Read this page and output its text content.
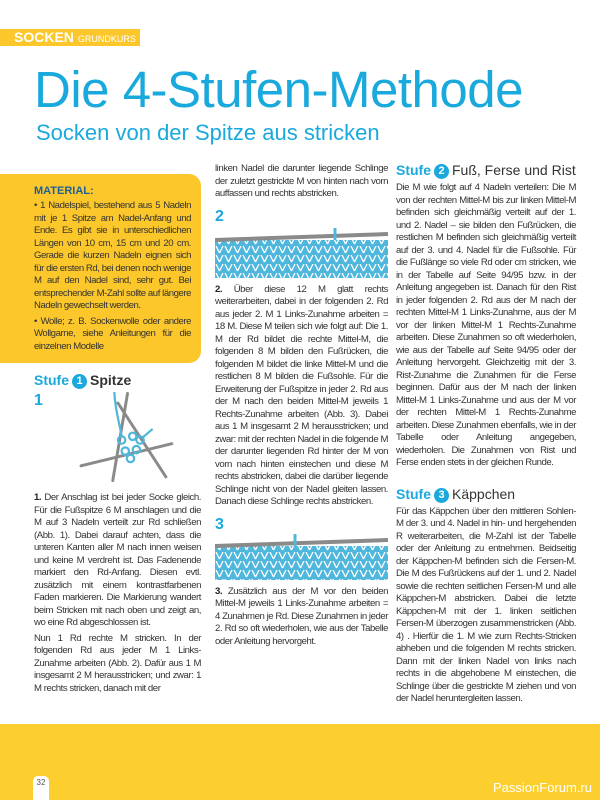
SOCKEN GRUNDKURS
Die 4-Stufen-Methode
Socken von der Spitze aus stricken
MATERIAL:

• 1 Nadelspiel, bestehend aus 5 Nadeln mit je 1 Spitze am Nadel-Anfang und Ende. Es gibt sie in unterschiedlichen Längen von 10 cm, 15 cm und 20 cm. Gerade die kurzen Nadeln eignen sich für die ersten Rd, bei denen noch wenige M auf den Nadel sind, sehr gut. Bei entsprechender M-Zahl sollte auf längere Nadeln gewechselt werden.

• Wolle; z. B. Sockenwolle oder andere Wollgarne, siehe Anleitungen für die einzelnen Modelle

Stufe 1 Spitze
1

1. Der Anschlag ist bei jeder Socke gleich. Für die Fußspitze 6 M anschlagen und die M auf 3 Nadeln verteilt zur Rd schließen (Abb. 1). Dabei darauf achten, dass die unteren Kanten aller M nach innen weisen und keine M verdreht ist. Das Fadenende markiert den Rd-Anfang. Diesen evtl. zusätzlich mit einem kontrastfarbenen Faden markieren. Die Markierung wandert beim Stricken mit nach oben und zeigt an, wo eine Rd abgeschlossen ist.

Nun 1 Rd rechte M stricken. In der folgenden Rd aus jeder M 1 Links-Zunahme arbeiten (Abb. 2). Dafür aus 1 M insgesamt 2 M herausstricken; und zwar: 1 M rechts stricken, danach mit der

linken Nadel die darunter liegende Schlinge der zuletzt gestrickte M von hinten nach vorn auffassen und rechts abstricken.

2

2. Über diese 12 M glatt rechts weiterarbeiten, dabei in der folgenden 2. Rd aus jeder 2. M 1 Links-Zunahme arbeiten = 18 M. Diese M teilen sich wie folgt auf: Die 1. M der Rd bildet die rechte Mittel-M, die folgenden 8 M bilden den Fußrücken, die folgenden M bildet die linke Mittel-M und die restlichen 8 M bilden die Fußsohle. Für die Erweiterung der Fußspitze in jeder 2. Rd aus der M nach den beiden Mittel-M jeweils 1 Rechts-Zunahme arbeiten (Abb. 3). Dabei aus 1 M insgesamt 2 M herausstricken; und zwar: mit der rechten Nadel in die folgende M der darunter liegenden Rd hinter der M von vorn nach hinten einstechen und diese M rechts abstricken, dabei die darüber liegende Schlinge nicht von der Nadel gleiten lassen. Danach diese Schlinge rechts abstricken.

3

3. Zusätzlich aus der M vor den beiden Mittel-M jeweils 1 Links-Zunahme arbeiten = 4 Zunahmen je Rd. Diese Zunahmen in jeder 2. Rd so oft wiederholen, wie aus der Tabelle oder Anleitung hervorgeht.

Stufe 2 Fuß, Ferse und Rist

Die M wie folgt auf 4 Nadeln verteilen: Die M von der rechten Mittel-M bis zur linken Mittel-M befinden sich gleichmäßig verteilt auf der 1. und 2. Nadel – sie bilden den Fußrücken, die restlichen M befinden sich gleichmäßig verteilt auf der 3. und 4. Nadel für die Fußsohle. Für die Fußlänge so viele Rd oder cm stricken, wie in der Tabelle auf Seite 94/95 bzw. in der Anleitung angegeben ist. Danach für den Rist in jeder folgenden 2. Rd aus der M nach der rechten Mittel-M 1 Links-Zunahme, aus der M vor der linken Mittel-M 1 Rechts-Zunahme arbeiten. Diese Zunahmen so oft wiederholen, wie aus der Tabelle auf Seite 94/95 oder der Anleitung hervorgeht. Gleichzeitig mit der 3. Rist-Zunahme die Zunahmen für die Ferse beginnen. Dafür aus der M nach der linken Mittel-M 1 Links-Zunahme und aus der M vor der rechten Mittel-M 1 Rechts-Zunahme arbeiten. Diese Zunahmen ebenfalls, wie in der Tabelle oder Anleitung angegeben, wiederholen. Die Zunahmen von Rist und Ferse enden stets in der gleichen Runde.

Stufe 3 Käppchen

Für das Käppchen über den mittleren Sohlen-M der 3. und 4. Nadel in hin- und hergehenden R weiterarbeiten, die M-Zahl ist der Tabelle oder der Anleitung zu entnehmen. Beidseitig der Käppchen-M befinden sich die Fersen-M. Die M des Fußrückens auf der 1. und 2. Nadel sowie die rechten seitlichen Fersen-M und alle Käppchen-M abstricken. Dabei die letzte Käppchen-M mit der 1. linken seitlichen Fersen-M überzogen zusammenstricken (Abb. 4) . Hierfür die 1. M wie zum Rechts-Stricken abheben und die folgenden M rechts stricken. Dann mit der linken Nadel von links nach rechts in die abgehobene M einstechen, die Schlinge über die gestrickte M ziehen und von der Nadel heruntergleiten lassen.

32	PassionForum.ru
